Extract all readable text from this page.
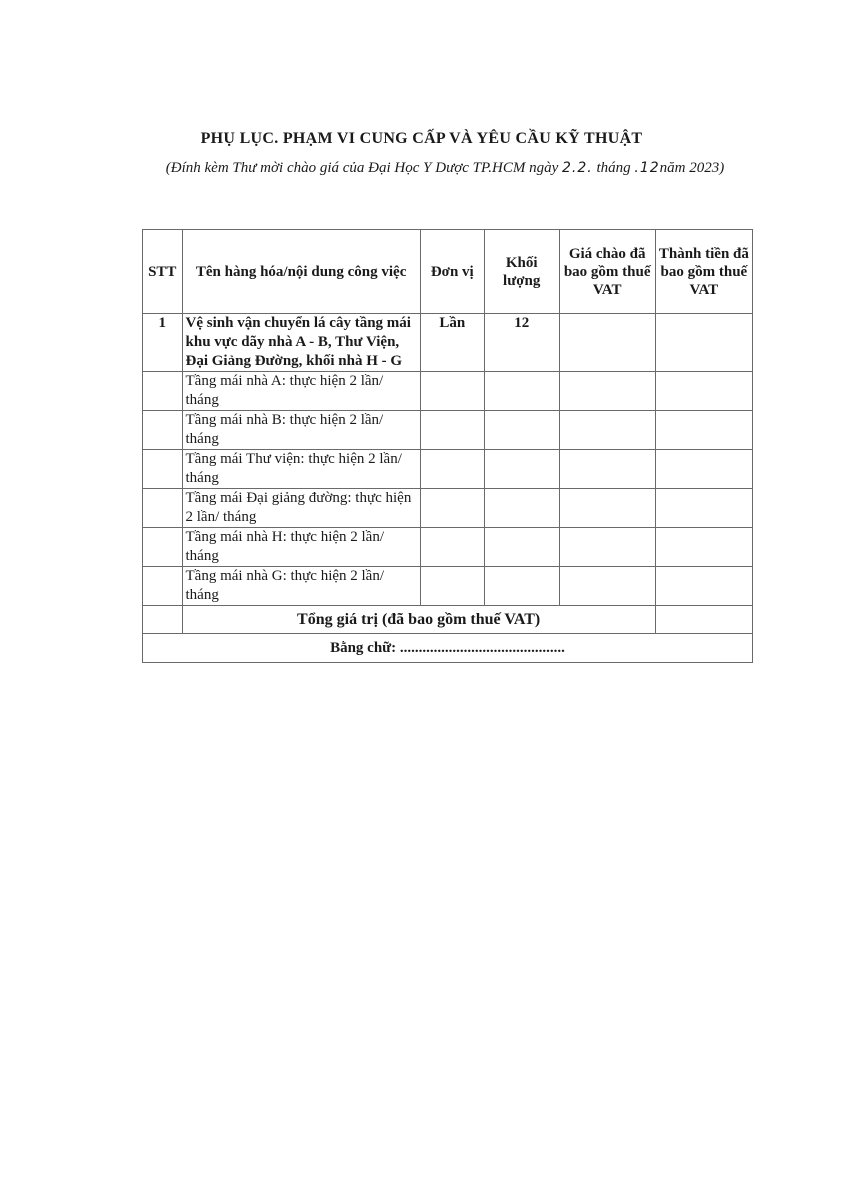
PHỤ LỤC. PHẠM VI CUNG CẤP VÀ YÊU CẦU KỸ THUẬT
(Đính kèm Thư mời chào giá của Đại Học Y Dược TP.HCM ngày 2.2. tháng .12năm 2023)
STT	Tên hàng hóa/nội dung công việc	Đơn vị	Khối lượng	Giá chào đã bao gồm thuế VAT	Thành tiền đã bao gồm thuế VAT
1	Vệ sinh vận chuyển lá cây tầng mái khu vực dãy nhà A - B, Thư Viện, Đại Giảng Đường, khối nhà H - G	Lần	12		
	Tầng mái nhà A: thực hiện 2 lần/ tháng				
	Tầng mái nhà B: thực hiện 2 lần/ tháng				
	Tầng mái Thư viện: thực hiện 2 lần/ tháng				
	Tầng mái Đại giảng đường: thực hiện 2 lần/ tháng				
	Tầng mái nhà H: thực hiện 2 lần/ tháng				
	Tầng mái nhà G: thực hiện 2 lần/ tháng				
	Tổng giá trị (đã bao gồm thuế VAT)				
Bằng chữ: ............................................					
